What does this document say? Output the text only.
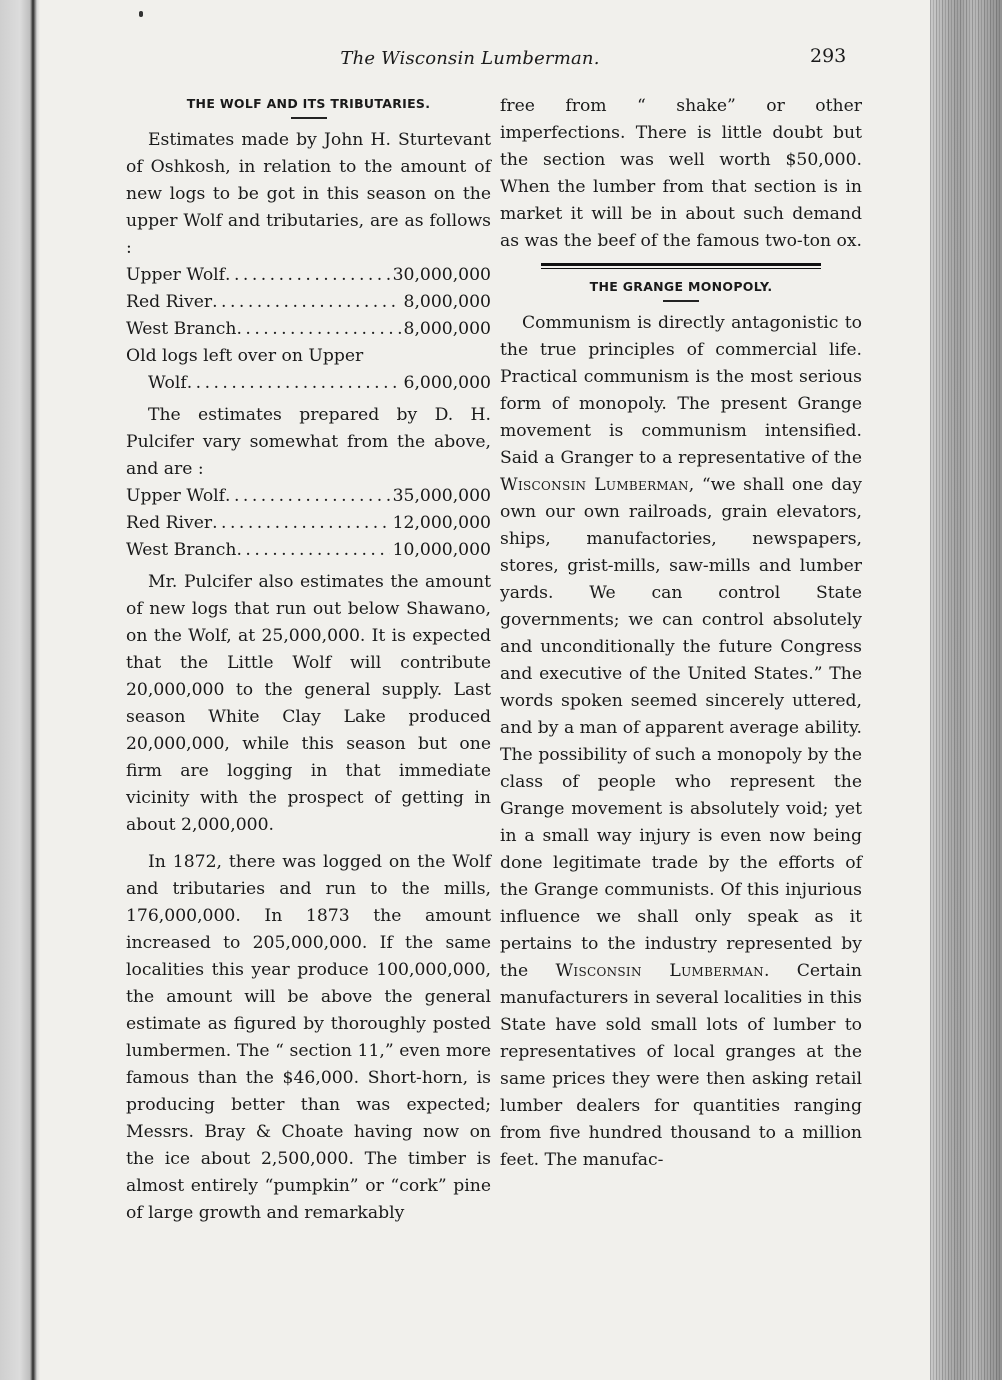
The Wisconsin Lumberman.	293
THE WOLF AND ITS TRIBUTARIES.

Estimates made by John H. Sturtevant of Oshkosh, in relation to the amount of new logs to be got in this season on the upper Wolf and tributaries, are as follows :

Upper Wolf . . .	30,000,000
Red River . . .	8,000,000
West Branch . . .	8,000,000
Old logs left over on Upper
Wolf . . .	6,000,000

The estimates prepared by D. H. Pulcifer vary somewhat from the above, and are :

Upper Wolf . . .	35,000,000
Red River . . .	12,000,000
West Branch . . .	10,000,000

Mr. Pulcifer also estimates the amount of new logs that run out below Shawano, on the Wolf, at 25,000,000. It is expected that the Little Wolf will contribute 20,000,000 to the general supply. Last season White Clay Lake produced 20,000,000, while this season but one firm are logging in that immediate vicinity with the prospect of getting in about 2,000,000.

In 1872, there was logged on the Wolf and tributaries and run to the mills, 176,000,000. In 1873 the amount increased to 205,000,000. If the same localities this year produce 100,000,000, the amount will be above the general estimate as figured by thoroughly posted lumbermen. The “ section 11,” even more famous than the $46,000. Short-horn, is producing better than was expected; Messrs. Bray & Choate having now on the ice about 2,500,000. The timber is almost entirely “pumpkin” or “cork” pine of large growth and remarkably

free from “ shake” or other imperfections. There is little doubt but the section was well worth $50,000. When the lumber from that section is in market it will be in about such demand as was the beef of the famous two-ton ox.

THE GRANGE MONOPOLY.

Communism is directly antagonistic to the true principles of commercial life. Practical communism is the most serious form of monopoly. The present Grange movement is communism intensified. Said a Granger to a representative of the Wisconsin Lumberman, “we shall one day own our own railroads, grain elevators, ships, manufactories, newspapers, stores, grist-mills, saw-mills and lumber yards. We can control State governments; we can control absolutely and unconditionally the future Congress and executive of the United States.” The words spoken seemed sincerely uttered, and by a man of apparent average ability. The possibility of such a monopoly by the class of people who represent the Grange movement is absolutely void; yet in a small way injury is even now being done legitimate trade by the efforts of the Grange communists. Of this injurious influence we shall only speak as it pertains to the industry represented by the Wisconsin Lumberman. Certain manufacturers in several localities in this State have sold small lots of lumber to representatives of local granges at the same prices they were then asking retail lumber dealers for quantities ranging from five hundred thousand to a million feet. The manufac-
